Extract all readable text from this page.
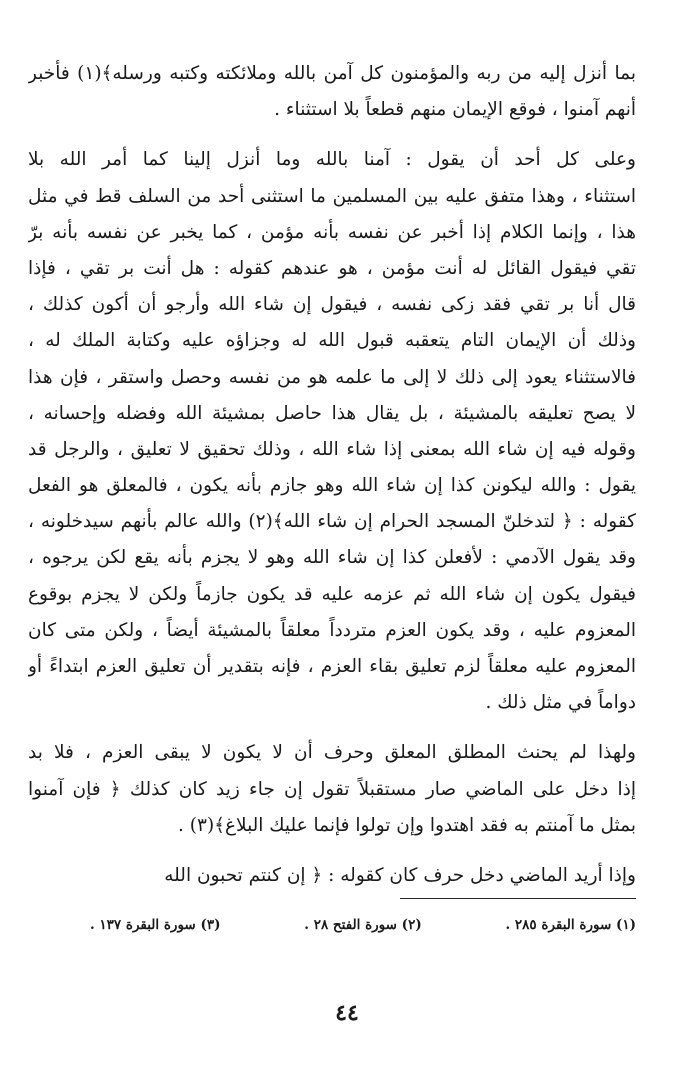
بما أنزل إليه من ربه والمؤمنون كل آمن بالله وملائكته وكتبه ورسله﴾(١) فأخبر
أنهم آمنوا ، فوقع الإيمان منهم قطعاً بلا استثناء .
وعلى كل أحد أن يقول : آمنا بالله وما أنزل إلينا كما أمر الله بلا
استثناء ، وهذا متفق عليه بين المسلمين ما استثنى أحد من السلف قط في مثل
هذا ، وإنما الكلام إذا أخبر عن نفسه بأنه مؤمن ، كما يخبر عن نفسه بأنه برّ
تقي فيقول القائل له أنت مؤمن ، هو عندهم كقوله : هل أنت بر تقي ، فإذا
قال أنا بر تقي فقد زكى نفسه ، فيقول إن شاء الله وأرجو أن أكون كذلك ،
وذلك أن الإيمان التام يتعقبه قبول الله له وجزاؤه عليه وكتابة الملك له ،
فالاستثناء يعود إلى ذلك لا إلى ما علمه هو من نفسه وحصل واستقر ، فإن هذا
لا يصح تعليقه بالمشيئة ، بل يقال هذا حاصل بمشيئة الله وفضله وإحسانه ،
وقوله فيه إن شاء الله بمعنى إذا شاء الله ، وذلك تحقيق لا تعليق ، والرجل قد
يقول : والله ليكونن كذا إن شاء الله وهو جازم بأنه يكون ، فالمعلق هو الفعل
كقوله : ﴿ لتدخلنّ المسجد الحرام إن شاء الله﴾(٢) والله عالم بأنهم سيدخلونه ،
وقد يقول الآدمي : لأفعلن كذا إن شاء الله وهو لا يجزم بأنه يقع لكن يرجوه ،
فيقول يكون إن شاء الله ثم عزمه عليه قد يكون جازماً ولكن لا يجزم بوقوع
المعزوم عليه ، وقد يكون العزم متردداً معلقاً بالمشيئة أيضاً ، ولكن متى كان
المعزوم عليه معلقاً لزم تعليق بقاء العزم ، فإنه بتقدير أن تعليق العزم ابتداءً أو
دواماً في مثل ذلك .
ولهذا لم يحنث المطلق المعلق وحرف أن لا يكون لا يبقى العزم ، فلا بد
إذا دخل على الماضي صار مستقبلاً تقول إن جاء زيد كان كذلك ﴿ فإن آمنوا
بمثل ما آمنتم به فقد اهتدوا وإن تولوا فإنما عليك البلاغ﴾(٣) .
وإذا أريد الماضي دخل حرف كان كقوله : ﴿ إن كنتم تحبون الله
(١) سورة البقرة ٢٨٥ .
(٢) سورة الفتح ٢٨ .
(٣) سورة البقرة ١٣٧ .
٤٤
